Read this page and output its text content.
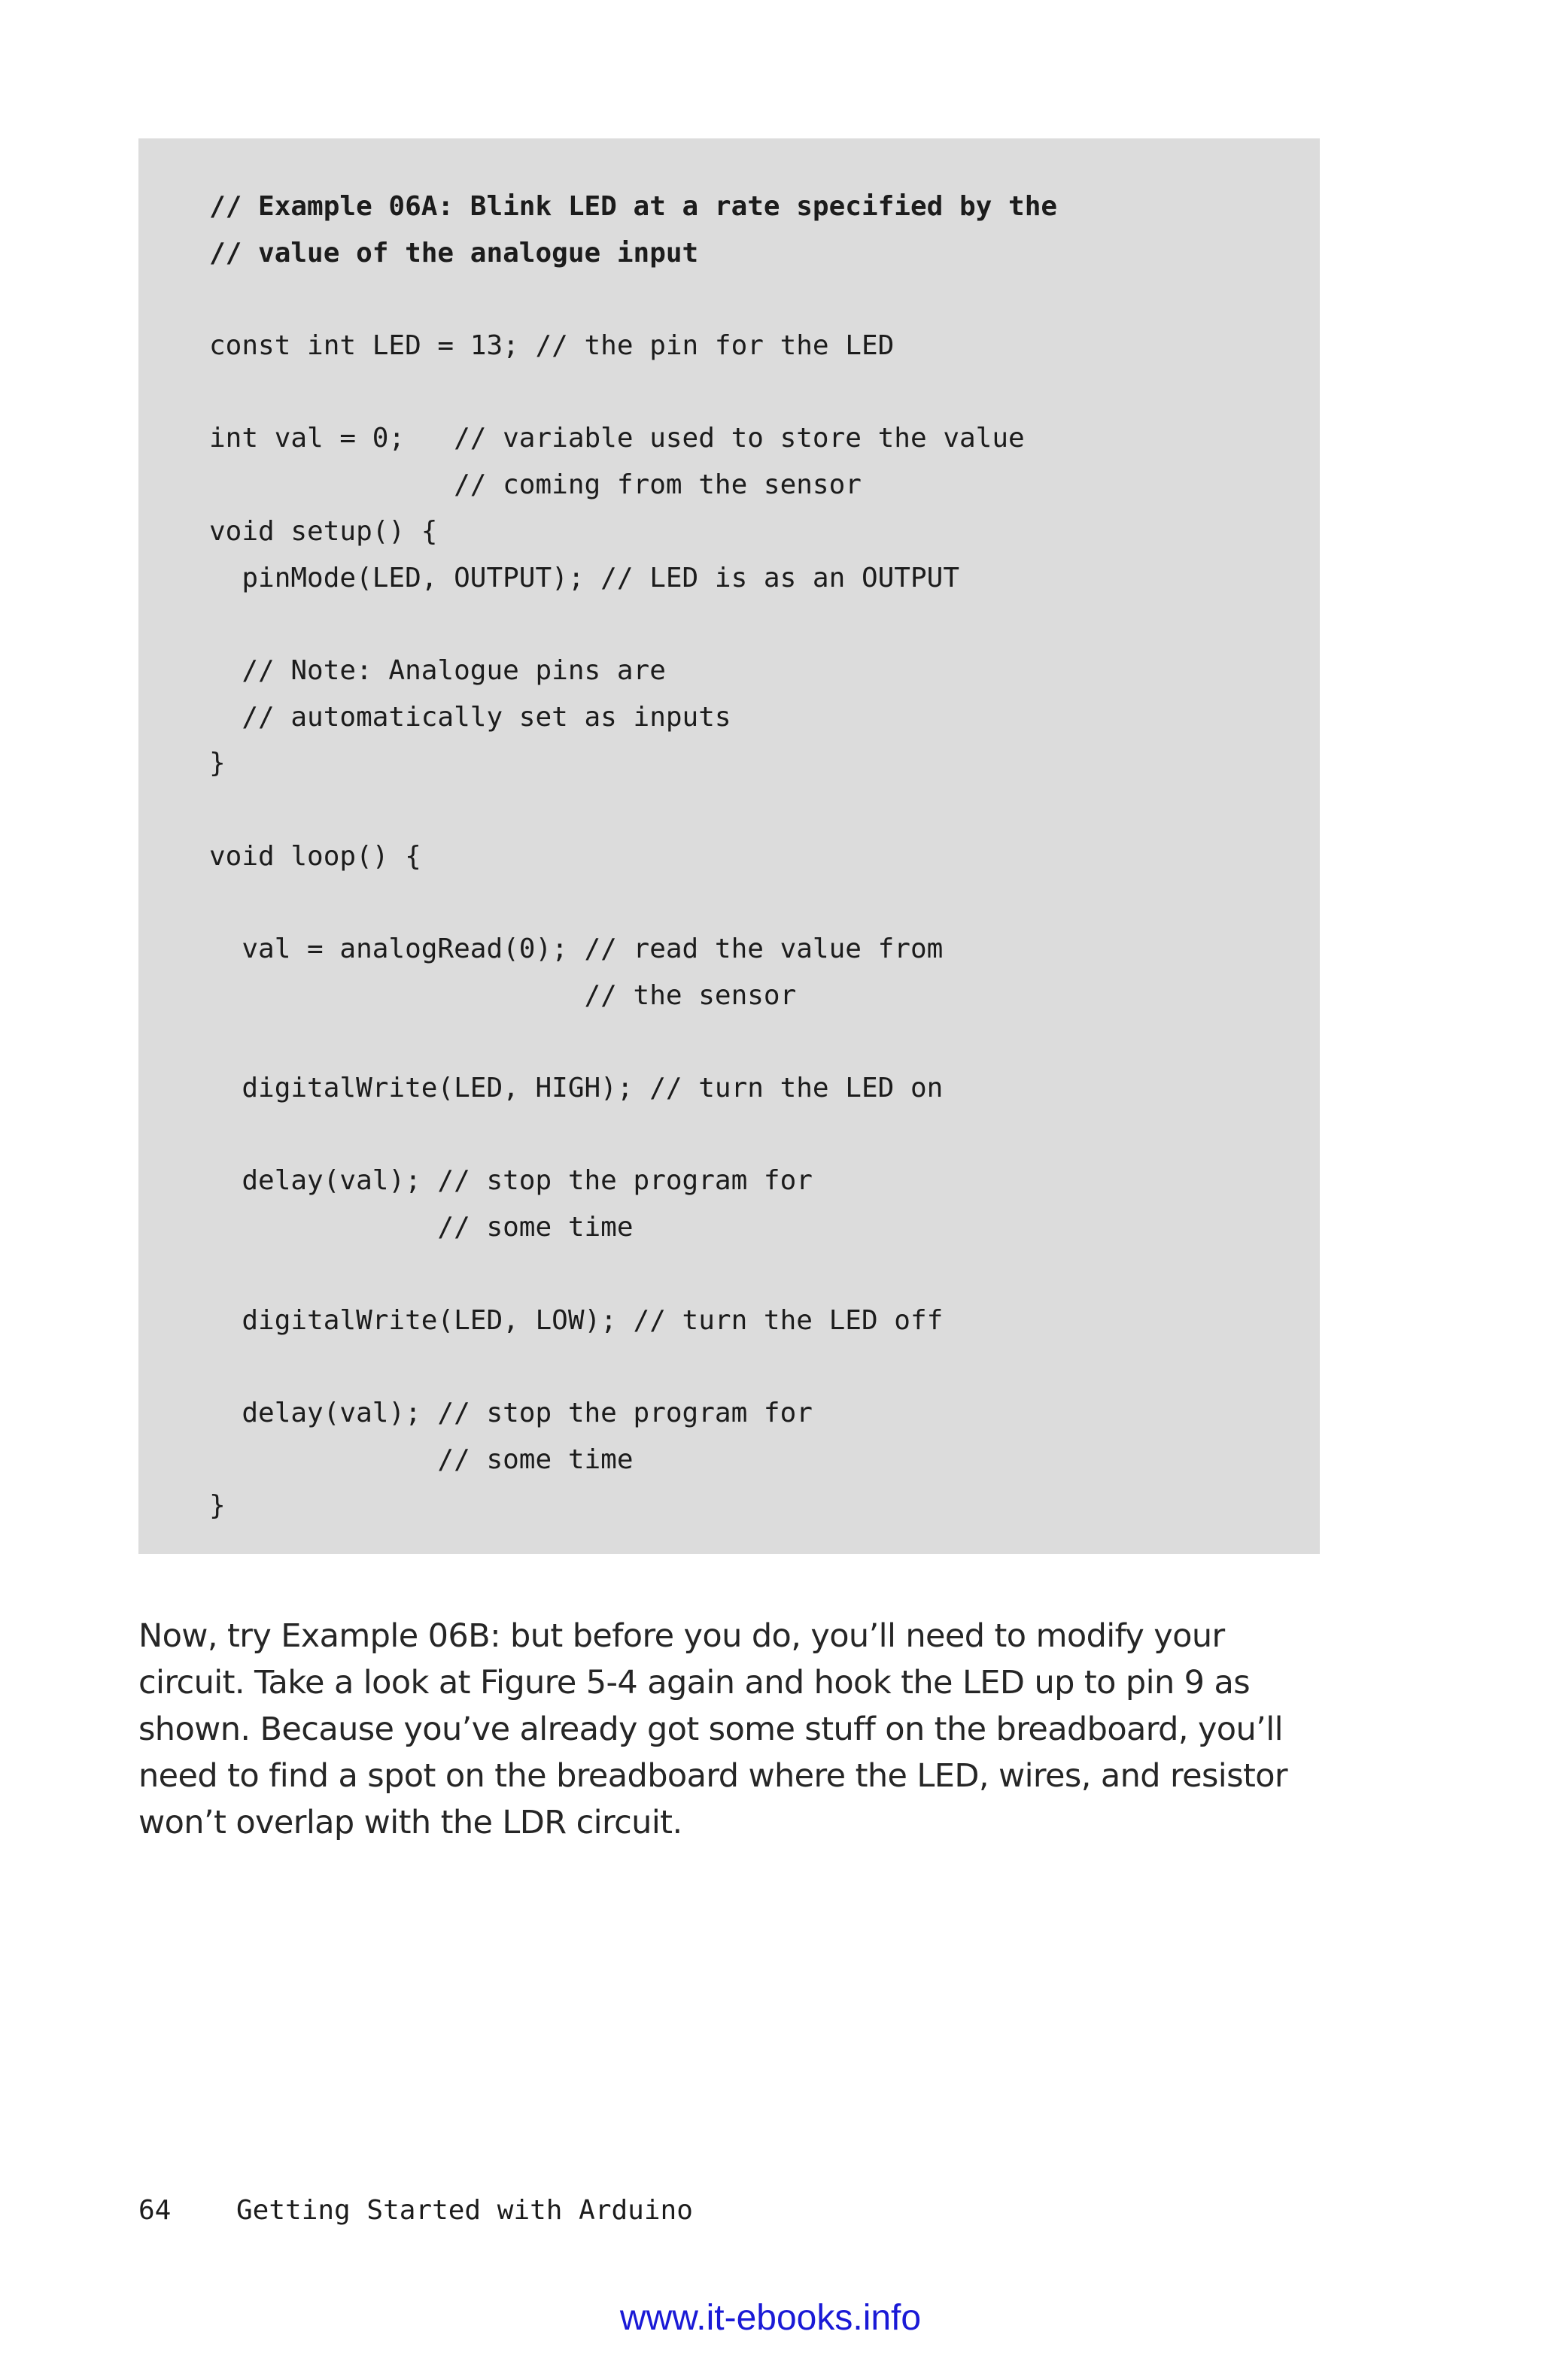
// Example 06A: Blink LED at a rate specified by the
// value of the analogue input
const int LED = 13; // the pin for the LED
int val = 0;   // variable used to store the value
// coming from the sensor
void setup() {
pinMode(LED, OUTPUT); // LED is as an OUTPUT
// Note: Analogue pins are
// automatically set as inputs
}
void loop() {
val = analogRead(0); // read the value from
// the sensor
digitalWrite(LED, HIGH); // turn the LED on
delay(val); // stop the program for
// some time
digitalWrite(LED, LOW); // turn the LED off
delay(val); // stop the program for
// some time
}
Now, try Example 06B: but before you do, you’ll need to modify your
circuit. Take a look at Figure 5-4 again and hook the LED up to pin 9 as
shown. Because you’ve already got some stuff on the breadboard, you’ll
need to find a spot on the breadboard where the LED, wires, and resistor
won’t overlap with the LDR circuit.
64 Getting Started with Arduino
www.it-ebooks.info
